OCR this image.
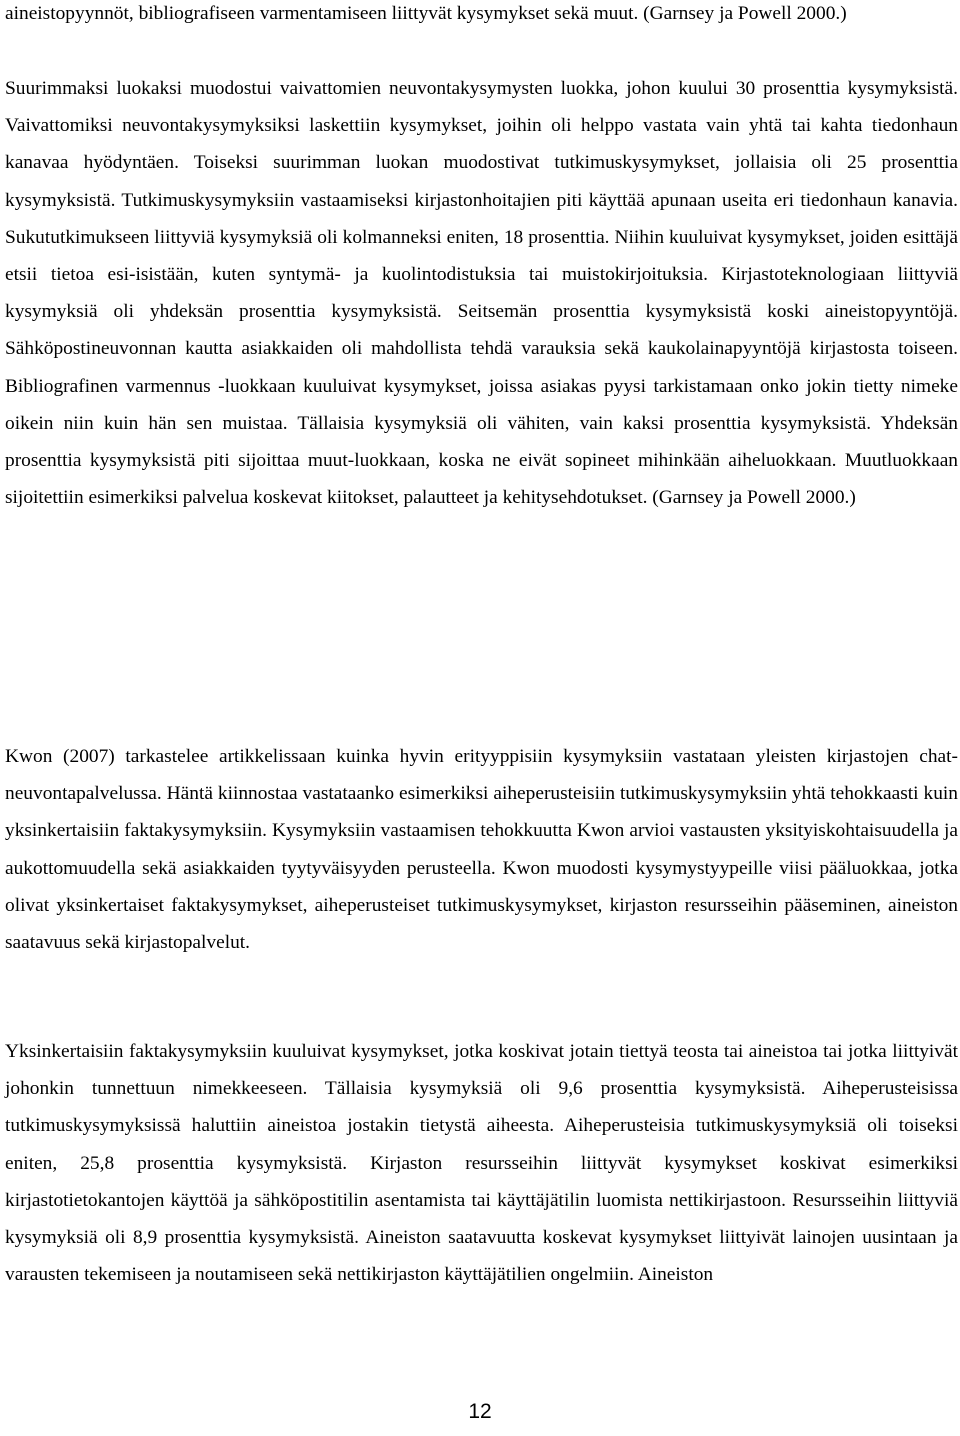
aineistopyynnöt, bibliografiseen varmentamiseen liittyvät kysymykset sekä muut. (Garnsey ja Powell 2000.)

Suurimmaksi luokaksi muodostui vaivattomien neuvontakysymysten luokka, johon kuului 30 prosenttia kysymyksistä. Vaivattomiksi neuvontakysymyksiksi laskettiin kysymykset, joihin oli helppo vastata vain yhtä tai kahta tiedonhaun kanavaa hyödyntäen. Toiseksi suurimman luokan muodostivat tutkimuskysymykset, jollaisia oli 25 prosenttia kysymyksistä. Tutkimuskysymyksiin vastaamiseksi kirjastonhoitajien piti käyttää apunaan useita eri tiedonhaun kanavia. Sukututkimukseen liittyviä kysymyksiä oli kolmanneksi eniten, 18 prosenttia. Niihin kuuluivat kysymykset, joiden esittäjä etsii tietoa esi-isistään, kuten syntymä- ja kuolintodistuksia tai muistokirjoituksia. Kirjastoteknologiaan liittyviä kysymyksiä oli yhdeksän prosenttia kysymyksistä. Seitsemän prosenttia kysymyksistä koski aineistopyyntöjä. Sähköpostineuvonnan kautta asiakkaiden oli mahdollista tehdä varauksia sekä kaukolainapyyntöjä kirjastosta toiseen. Bibliografinen varmennus -luokkaan kuuluivat kysymykset, joissa asiakas pyysi tarkistamaan onko jokin tietty nimeke oikein niin kuin hän sen muistaa. Tällaisia kysymyksiä oli vähiten, vain kaksi prosenttia kysymyksistä. Yhdeksän prosenttia kysymyksistä piti sijoittaa muut-luokkaan, koska ne eivät sopineet mihinkään aiheluokkaan. Muutluokkaan sijoitettiin esimerkiksi palvelua koskevat kiitokset, palautteet ja kehitysehdotukset. (Garnsey ja Powell 2000.)

Kwon (2007) tarkastelee artikkelissaan kuinka hyvin erityyppisiin kysymyksiin vastataan yleisten kirjastojen chat-neuvontapalvelussa. Häntä kiinnostaa vastataanko esimerkiksi aiheperusteisiin tutkimuskysymyksiin yhtä tehokkaasti kuin yksinkertaisiin faktakysymyksiin. Kysymyksiin vastaamisen tehokkuutta Kwon arvioi vastausten yksityiskohtaisuudella ja aukottomuudella sekä asiakkaiden tyytyväisyyden perusteella. Kwon muodosti kysymystyypeille viisi pääluokkaa, jotka olivat yksinkertaiset faktakysymykset, aiheperusteiset tutkimuskysymykset, kirjaston resursseihin pääseminen, aineiston saatavuus sekä kirjastopalvelut.

Yksinkertaisiin faktakysymyksiin kuuluivat kysymykset, jotka koskivat jotain tiettyä teosta tai aineistoa tai jotka liittyivät johonkin tunnettuun nimekkeeseen. Tällaisia kysymyksiä oli 9,6 prosenttia kysymyksistä. Aiheperusteisissa tutkimuskysymyksissä haluttiin aineistoa jostakin tietystä aiheesta. Aiheperusteisia tutkimuskysymyksiä oli toiseksi eniten, 25,8 prosenttia kysymyksistä. Kirjaston resursseihin liittyvät kysymykset koskivat esimerkiksi kirjastotietokantojen käyttöä ja sähköpostitilin asentamista tai käyttäjätilin luomista nettikirjastoon. Resursseihin liittyviä kysymyksiä oli 8,9 prosenttia kysymyksistä. Aineiston saatavuutta koskevat kysymykset liittyivät lainojen uusintaan ja varausten tekemiseen ja noutamiseen sekä nettikirjaston käyttäjätilien ongelmiin. Aineiston

12
